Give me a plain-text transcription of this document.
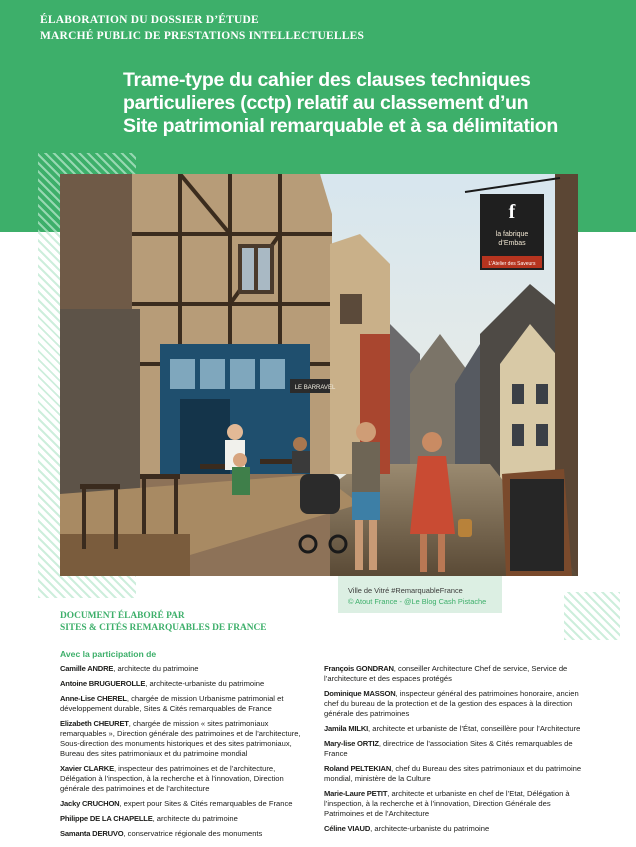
ÉLABORATION DU DOSSIER D’ÉTUDE
MARCHÉ PUBLIC DE PRESTATIONS INTELLECTUELLES
Trame-type du cahier des clauses techniques
particulieres (cctp) relatif au classement d’un
Site patrimonial remarquable et à sa délimitation
f
la fabrique
d’Embas
L’Atelier des Saveurs
LE BARRAVEL
Ville de Vitré #RemarquableFrance
© Atout France - @Le Blog Cash Pistache
DOCUMENT ÉLABORÉ PAR
SITES & CITÉS REMARQUABLES DE FRANCE
Avec la participation de
Camille ANDRE, architecte du patrimoine
Antoine BRUGUEROLLE, architecte-urbaniste du patrimoine
Anne-Lise CHEREL, chargée de mission Urbanisme patrimonial et développement durable, Sites & Cités remarquables de France
Elizabeth CHEURET, chargée de mission « sites patrimoniaux remarquables », Direction générale des patrimoines et de l’architecture, Sous-direction des monuments historiques et des sites patrimoniaux, Bureau des sites patrimoniaux et du patrimoine mondial
Xavier CLARKE, inspecteur des patrimoines et de l’architecture, Délégation à l’inspection, à la recherche et à l’innovation, Direction générale des patrimoines et de l’architecture
Jacky CRUCHON, expert pour Sites & Cités remarquables de France
Philippe DE LA CHAPELLE, architecte du patrimoine
Samanta DERUVO, conservatrice régionale des monuments
François GONDRAN, conseiller Architecture Chef de service, Service de l’architecture et des espaces protégés
Dominique MASSON, inspecteur général des patrimoines honoraire, ancien chef du bureau de la protection et de la gestion des espaces à la direction générale des patrimoines
Jamila MILKI, architecte et urbaniste de l’État, conseillère pour l’Architecture
Mary-lise ORTIZ, directrice de l’association Sites & Cités remarquables de France
Roland PELTEKIAN, chef du Bureau des sites patrimoniaux et du patrimoine mondial, ministère de la Culture
Marie-Laure PETIT, architecte et urbaniste en chef de l’Etat, Délégation à l’inspection, à la recherche et à l’innovation, Direction Générale des Patrimoines et de l’Architecture
Céline VIAUD, architecte-urbaniste du patrimoine
